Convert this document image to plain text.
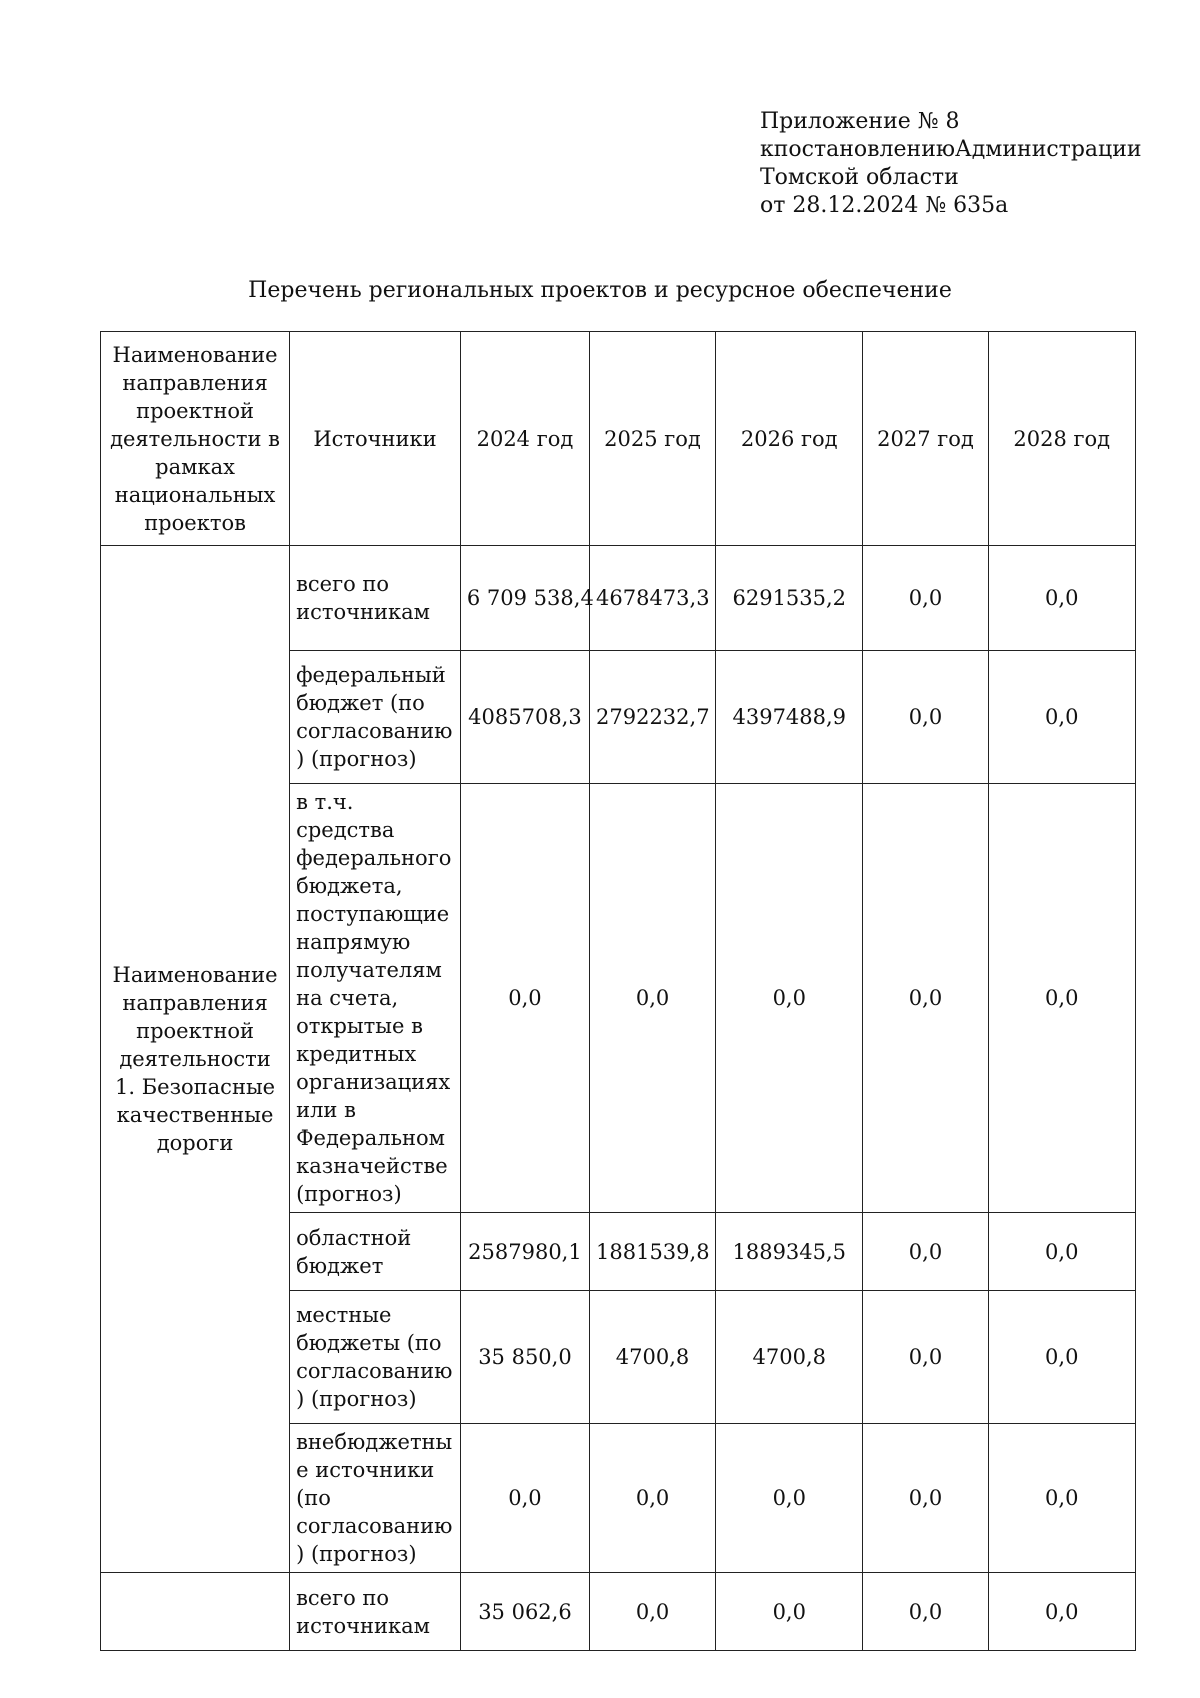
Приложение № 8
к постановлению Администрации
Томской области
от 28.12.2024 № 635а
Перечень региональных проектов и ресурсное обеспечение
Наименование направления проектной деятельности в рамках национальных проектов	Источники	2024 год	2025 год	2026 год	2027 год	2028 год
Наименование направления проектной деятельности 1. Безопасные качественные дороги	всего по источникам	6 709 538,4	4678473,3	6291535,2	0,0	0,0
	федеральный бюджет (по согласованию) (прогноз)	4085708,3	2792232,7	4397488,9	0,0	0,0
	в т.ч. средства федерального бюджета, поступающие напрямую получателям на счета, открытые в кредитных организациях или в Федеральном казначействе (прогноз)	0,0	0,0	0,0	0,0	0,0
	областной бюджет	2587980,1	1881539,8	1889345,5	0,0	0,0
	местные бюджеты (по согласованию) (прогноз)	35 850,0	4700,8	4700,8	0,0	0,0
	внебюджетные источники (по согласованию) (прогноз)	0,0	0,0	0,0	0,0	0,0
	всего по источникам	35 062,6	0,0	0,0	0,0	0,0
